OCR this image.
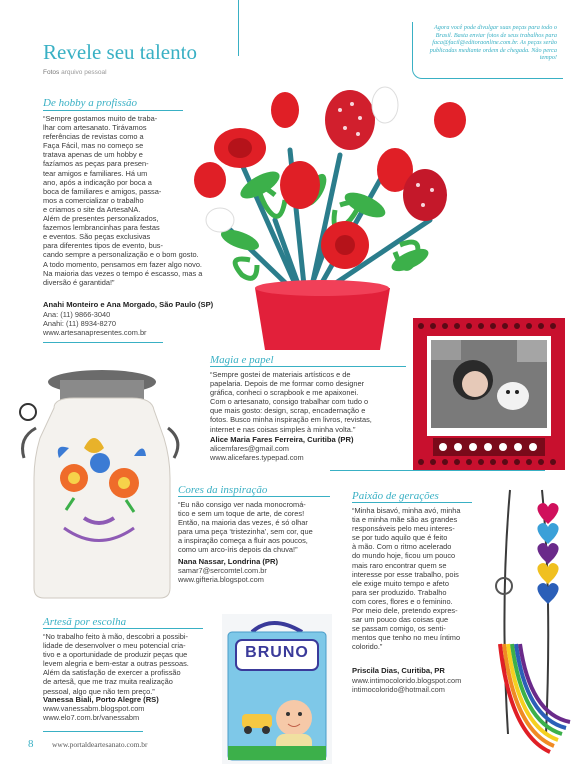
Revele seu talento
Fotos arquivo pessoal
Agora você pode divulgar suas peças para todo o Brasil. Basta enviar fotos de seus trabalhos para faca@facil@editoraonline.com.br. As peças serão publicadas mediante ordem de chegada. Não perca tempo!
De hobby a profissão
“Sempre gostamos muito de traba-
lhar com artesanato. Tirávamos
referências de revistas como a
Faça Fácil, mas no começo se
tratava apenas de um hobby e
fazíamos as peças para presen-
tear amigos e familiares. Há um
ano, após a indicação por boca a
boca de familiares e amigos, passa-
mos a comercializar o trabalho
e criamos o site da ArtesaNA.
Além de presentes personalizados,
fazemos lembrancinhas para festas
e eventos. São peças exclusivas
para diferentes tipos de evento, bus-
cando sempre a personalização e o bom gosto.
A todo momento, pensamos em fazer algo novo.
Na maioria das vezes o tempo é escasso, mas a
diversão é garantida!”
Anahi Monteiro e Ana Morgado, São Paulo (SP)
Ana: (11) 9866-3040
Anahi: (11) 8934-8270
www.artesanapresentes.com.br
Magia e papel
“Sempre gostei de materiais artísticos e de
papelaria. Depois de me formar como designer
gráfica, conheci o scrapbook e me apaixonei.
Com o artesanato, consigo trabalhar com tudo o
que mais gosto: design, scrap, encadernação e
fotos. Busco minha inspiração em livros, revistas,
internet e nas coisas simples à minha volta.”
Alice Maria Fares Ferreira, Curitiba (PR)
alicemfares@gmail.com
www.alicefares.typepad.com
Cores da inspiração
“Eu não consigo ver nada monocromá-
tico e sem um toque de arte, de cores!
Então, na maioria das vezes, é só olhar
para uma peça ‘tristezinha’, sem cor, que
a inspiração começa a fluir aos poucos,
como um arco-íris depois da chuva!”
Nana Nassar, Londrina (PR)
samar7@sercomtel.com.br
www.gifteria.blogspot.com
Paixão de gerações
“Minha bisavó, minha avó, minha
tia e minha mãe são as grandes
responsáveis pelo meu interes-
se por tudo aquilo que é feito
à mão. Com o ritmo acelerado
do mundo hoje, ficou um pouco
mais raro encontrar quem se
interesse por esse trabalho, pois
ele exige muito tempo e afeto
para ser produzido. Trabalho
com cores, flores e o feminino.
Por meio dele, pretendo expres-
sar um pouco das coisas que
se passam comigo, os senti-
mentos que tenho no meu íntimo
colorido.”
Priscila Dias, Curitiba, PR
www.intimocolorido.blogspot.com
intimocolorido@hotmail.com
Artesã por escolha
“No trabalho feito à mão, descobri a possibi-
lidade de desenvolver o meu potencial cria-
tivo e a oportunidade de produzir peças que
levem alegria e bem-estar a outras pessoas.
Além da satisfação de exercer a profissão
de artesã, que me traz muita realização
pessoal, algo que não tem preço.”
Vanessa Biali, Porto Alegre (RS)
www.vanessabm.blogspot.com
www.elo7.com.br/vanessabm
BRUNO
8 www.portaldeartesanato.com.br
